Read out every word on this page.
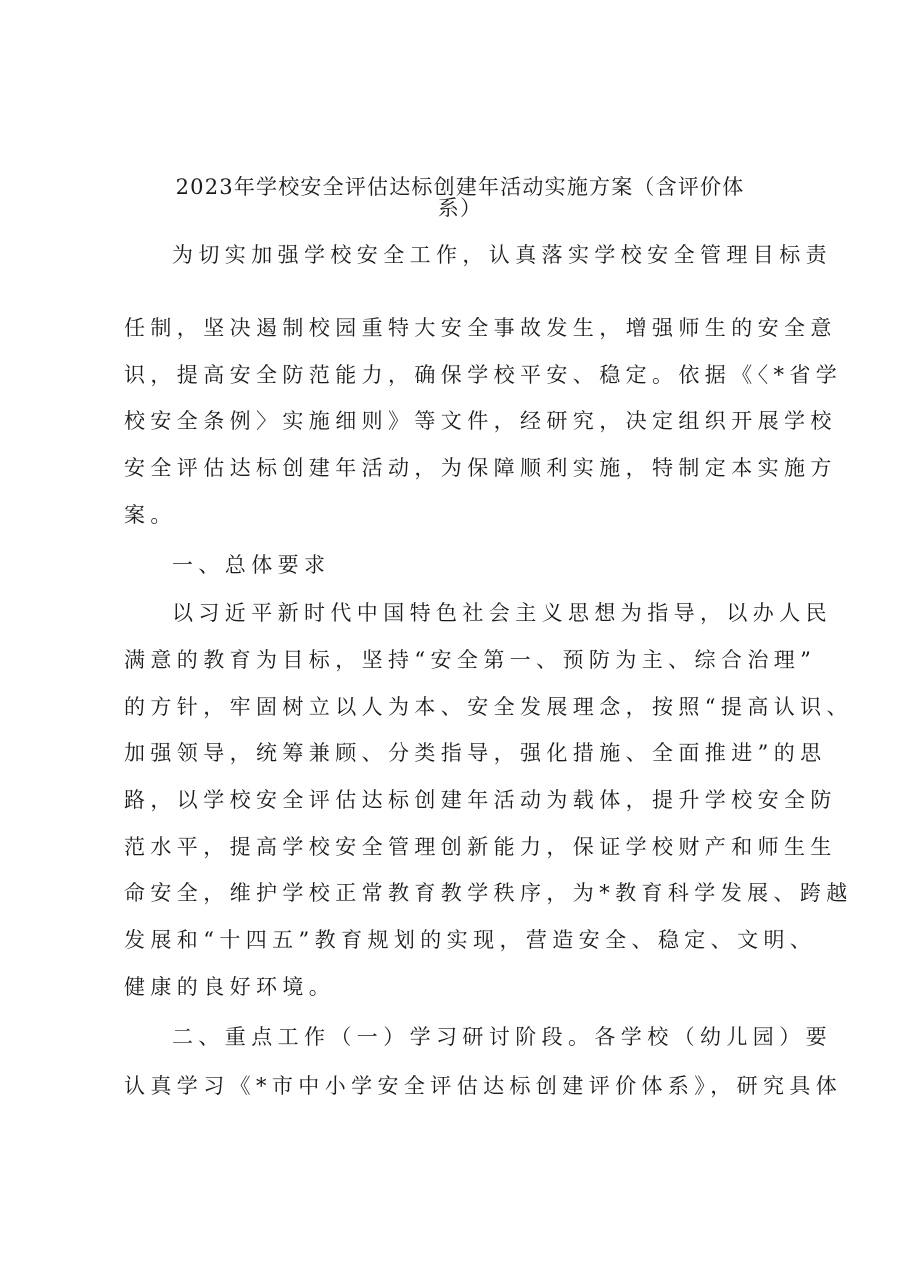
2023年学校安全评估达标创建年活动实施方案（含评价体
系）
为切实加强学校安全工作，认真落实学校安全管理目标责
任制，坚决遏制校园重特大安全事故发生，增强师生的安全意
识，提高安全防范能力，确保学校平安、稳定。依据《〈*省学
校安全条例〉实施细则》等文件，经研究，决定组织开展学校
安全评估达标创建年活动，为保障顺利实施，特制定本实施方
案。
一、总体要求
以习近平新时代中国特色社会主义思想为指导，以办人民
满意的教育为目标，坚持“安全第一、预防为主、综合治理”
的方针，牢固树立以人为本、安全发展理念，按照“提高认识、
加强领导，统筹兼顾、分类指导，强化措施、全面推进”的思
路，以学校安全评估达标创建年活动为载体，提升学校安全防
范水平，提高学校安全管理创新能力，保证学校财产和师生生
命安全，维护学校正常教育教学秩序，为*教育科学发展、跨越
发展和“十四五”教育规划的实现，营造安全、稳定、文明、
健康的良好环境。
二、重点工作（一）学习研讨阶段。各学校（幼儿园）要
认真学习《*市中小学安全评估达标创建评价体系》，研究具体
